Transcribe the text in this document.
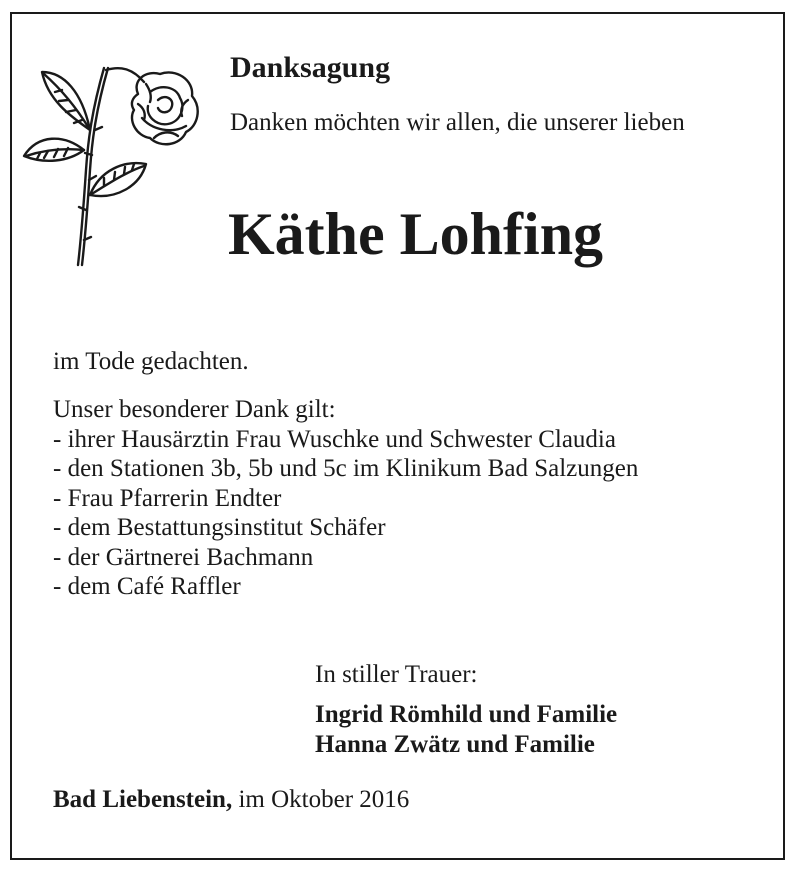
Danksagung

Danken möchten wir allen, die unserer lieben

Käthe Lohfing

im Tode gedachten.

Unser besonderer Dank gilt:
- ihrer Hausärztin Frau Wuschke und Schwester Claudia
- den Stationen 3b, 5b und 5c im Klinikum Bad Salzungen
- Frau Pfarrerin Endter
- dem Bestattungsinstitut Schäfer
- der Gärtnerei Bachmann
- dem Café Raffler

In stiller Trauer:

Ingrid Römhild und Familie
Hanna Zwätz und Familie

Bad Liebenstein, im Oktober 2016
